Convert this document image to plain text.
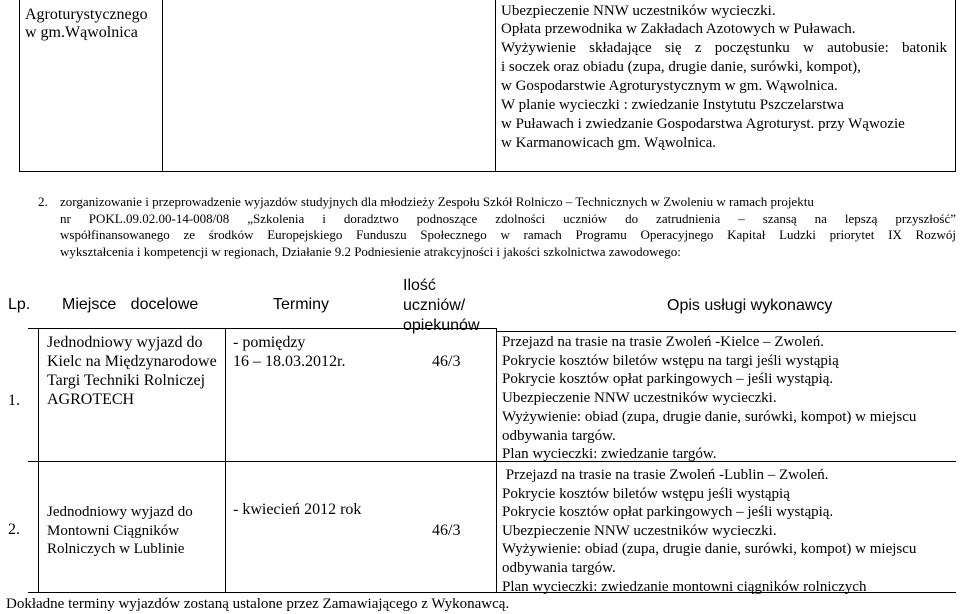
Agroturystycznego
w gm.Wąwolnica
Ubezpieczenie NNW uczestników wycieczki.
Opłata przewodnika w Zakładach Azotowych w Puławach.
Wyżywienie składające się z poczęstunku w autobusie: batonik
i soczek oraz obiadu (zupa, drugie danie, surówki, kompot),
w Gospodarstwie Agroturystycznym w gm. Wąwolnica.
W planie wycieczki : zwiedzanie Instytutu Pszczelarstwa
w Puławach i zwiedzanie Gospodarstwa Agroturyst. przy Wąwozie
w Karmanowicach gm. Wąwolnica.
2. zorganizowanie i przeprowadzenie wyjazdów studyjnych dla młodzieży Zespołu Szkół Rolniczo – Technicznych w Zwoleniu w ramach projektu
nr POKL.09.02.00-14-008/08 „Szkolenia i doradztwo podnoszące zdolności uczniów do zatrudnienia – szansą na lepszą przyszłość”
współfinansowanego ze środków Europejskiego Funduszu Społecznego w ramach Programu Operacyjnego Kapitał Ludzki priorytet IX Rozwój
wykształcenia i kompetencji w regionach, Działanie 9.2 Podniesienie atrakcyjności i jakości szkolnictwa zawodowego:
Lp. Miejsce docelowe	Terminy
Ilość
uczniów/
opiekunów
Opis usługi wykonawcy
1.
Jednodniowy wyjazd do
Kielc na Międzynarodowe
Targi Techniki Rolniczej
AGROTECH
- pomiędzy
16 – 18.03.2012r.	46/3
Przejazd na trasie na trasie Zwoleń -Kielce – Zwoleń.
Pokrycie kosztów biletów wstępu na targi jeśli wystąpią
Pokrycie kosztów opłat parkingowych – jeśli wystąpią.
Ubezpieczenie NNW uczestników wycieczki.
Wyżywienie: obiad (zupa, drugie danie, surówki, kompot) w miejscu
odbywania targów.
Plan wycieczki: zwiedzanie targów.
2.
Jednodniowy wyjazd do
Montowni Ciągników
Rolniczych w Lublinie
- kwiecień 2012 rok
46/3
Przejazd na trasie na trasie Zwoleń -Lublin – Zwoleń.
Pokrycie kosztów biletów wstępu jeśli wystąpią
Pokrycie kosztów opłat parkingowych – jeśli wystąpią.
Ubezpieczenie NNW uczestników wycieczki.
Wyżywienie: obiad (zupa, drugie danie, surówki, kompot) w miejscu
odbywania targów.
Plan wycieczki: zwiedzanie montowni ciągników rolniczych
Dokładne terminy wyjazdów zostaną ustalone przez Zamawiającego z Wykonawcą.
